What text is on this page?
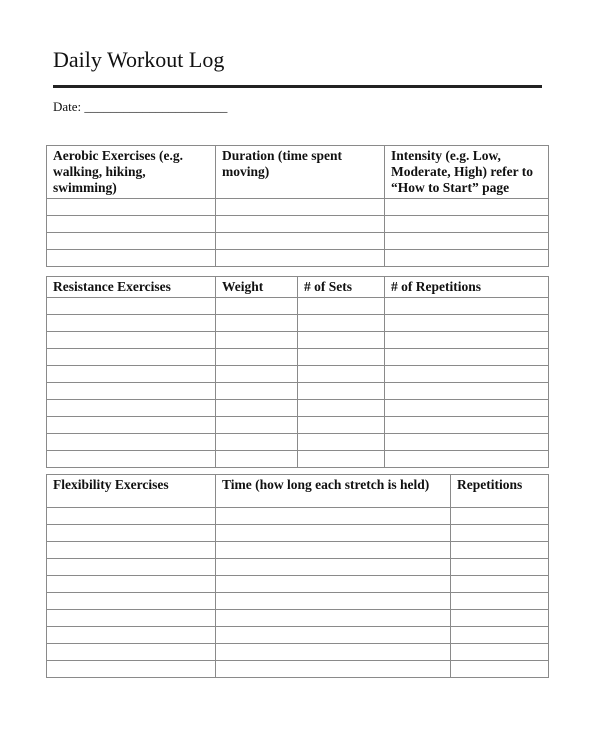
Daily Workout Log
Date: ______________________
Aerobic Exercises (e.g. walking, hiking, swimming)	Duration (time spent moving)	Intensity (e.g. Low, Moderate, High) refer to “How to Start” page

Resistance Exercises	Weight	# of Sets	# of Repetitions

Flexibility Exercises	Time (how long each stretch is held)	Repetitions
